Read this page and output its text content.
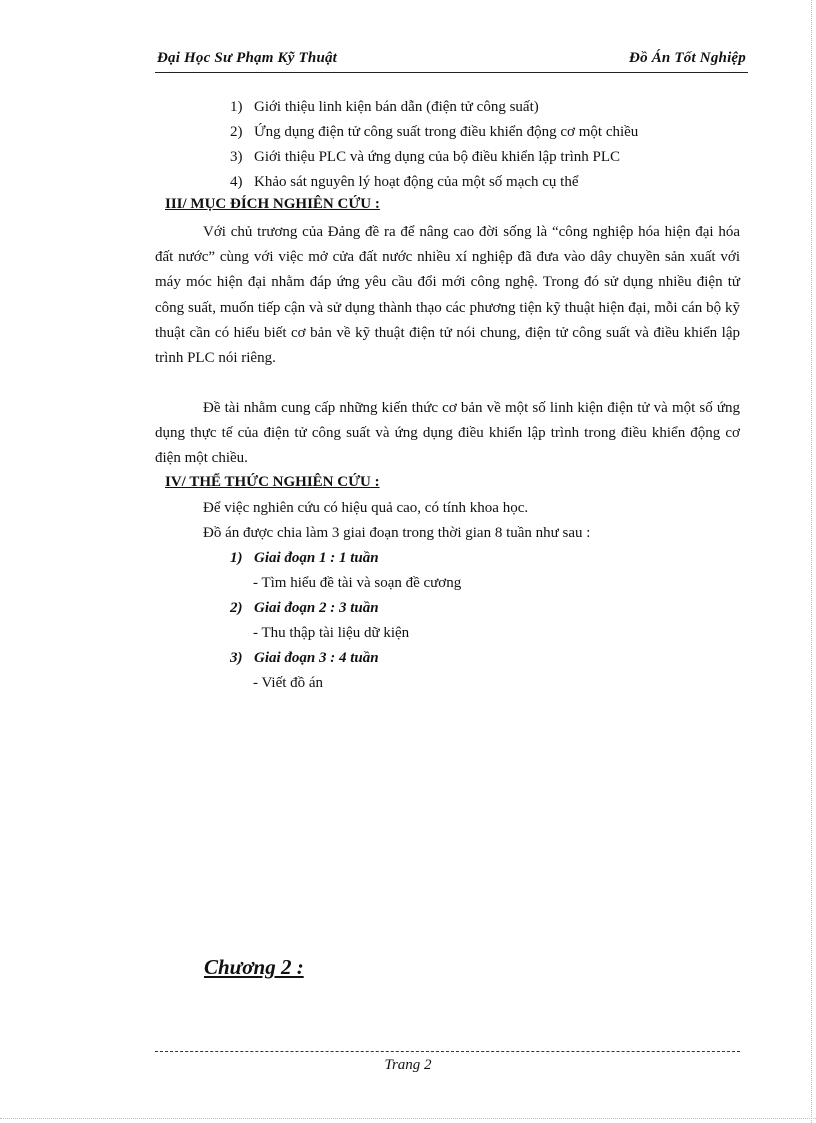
Đại Học Sư Phạm Kỹ Thuật	Đồ Án Tốt Nghiệp
1) Giới thiệu linh kiện bán dẫn (điện tử công suất)
2) Ứng dụng điện tử công suất trong điều khiển động cơ một chiều
3) Giới thiệu PLC và ứng dụng của bộ điều khiển lập trình PLC
4) Khảo sát nguyên lý hoạt động của một số mạch cụ thể
III/ MỤC ĐÍCH NGHIÊN CỨU :

Với chủ trương của Đảng đề ra để nâng cao đời sống là “công nghiệp hóa hiện đại hóa đất nước” cùng với việc mở cửa đất nước nhiều xí nghiệp đã đưa vào dây chuyền sản xuất với máy móc hiện đại nhằm đáp ứng yêu cầu đổi mới công nghệ. Trong đó sử dụng nhiều điện tử công suất, muốn tiếp cận và sử dụng thành thạo các phương tiện kỹ thuật hiện đại, mỗi cán bộ kỹ thuật cần có hiểu biết cơ bản về kỹ thuật điện tử nói chung, điện tử công suất và điều khiển lập trình PLC nói riêng.

Đề tài nhằm cung cấp những kiến thức cơ bản về một số linh kiện điện tử và một số ứng dụng thực tế của điện tử công suất và ứng dụng điều khiển lập trình trong điều khiển động cơ điện một chiều.

IV/ THỂ THỨC NGHIÊN CỨU :
Để việc nghiên cứu có hiệu quả cao, có tính khoa học.
Đồ án được chia làm 3 giai đoạn trong thời gian 8 tuần như sau :
1) Giai đoạn 1 : 1 tuần
- Tìm hiểu đề tài và soạn đề cương
2) Giai đoạn 2 : 3 tuần
- Thu thập tài liệu dữ kiện
3) Giai đoạn 3 : 4 tuần
- Viết đồ án
Chương 2 :
Trang 2
